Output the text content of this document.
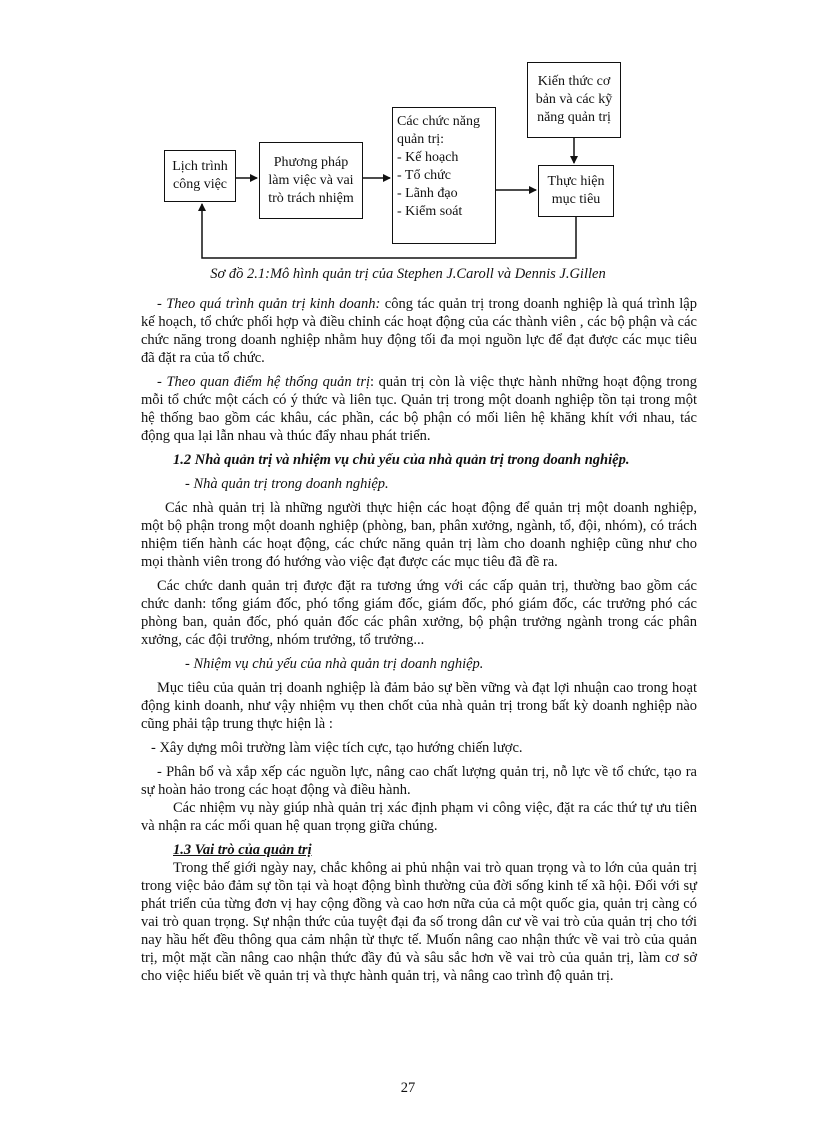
Lịch trình
công việc
Phương pháp
làm việc và vai
trò trách nhiệm
Các chức năng
quản trị:
- Kế hoạch
- Tổ chức
- Lãnh đạo
- Kiểm soát
Kiến thức cơ
bản và các kỹ
năng quản trị
Thực hiện
mục tiêu
Sơ đồ 2.1:Mô hình quản trị của Stephen J.Caroll và Dennis J.Gillen

- Theo quá trình quản trị kinh doanh: công tác quản trị trong doanh nghiệp là quá trình lập kế hoạch, tổ chức phối hợp và điều chỉnh các hoạt động của các thành viên , các bộ phận và các chức năng trong doanh nghiệp nhằm huy động tối đa mọi nguồn lực để đạt được các mục tiêu đã đặt ra của tổ chức.

- Theo quan điểm hệ thống quản trị: quản trị còn là việc thực hành những hoạt động trong mỗi tổ chức một cách có ý thức và liên tục. Quản trị trong một doanh nghiệp tồn tại trong một hệ thống bao gồm các khâu, các phần, các bộ phận có mối liên hệ khăng khít với nhau, tác động qua lại lẫn nhau và thúc đẩy nhau phát triển.

1.2 Nhà quản trị và nhiệm vụ chủ yếu của nhà quản trị trong doanh nghiệp.

- Nhà quản trị trong doanh nghiệp.

Các nhà quản trị là những người thực hiện các hoạt động để quản trị một doanh nghiệp, một bộ phận trong một doanh nghiệp (phòng, ban, phân xưởng, ngành, tổ, đội, nhóm), có trách nhiệm tiến hành các hoạt động, các chức năng quản trị làm cho doanh nghiệp cũng như cho mọi thành viên trong đó hướng vào việc đạt được các mục tiêu đã đề ra.

Các chức danh quản trị được đặt ra tương ứng với các cấp quản trị, thường bao gồm các chức danh: tổng giám đốc, phó tổng giám đốc, giám đốc, phó giám đốc, các trưởng phó các phòng ban, quản đốc, phó quản đốc các phân xưởng, bộ phận trưởng ngành trong các phân xưởng, các đội trưởng, nhóm trưởng, tổ trưởng...

- Nhiệm vụ chủ yếu của nhà quản trị doanh nghiệp.

Mục tiêu của quản trị doanh nghiệp là đảm bảo sự bền vững và đạt lợi nhuận cao trong hoạt động kinh doanh, như vậy nhiệm vụ then chốt của nhà quản trị trong bất kỳ doanh nghiệp nào cũng phải tập trung thực hiện là :

- Xây dựng môi trường làm việc tích cực, tạo hướng chiến lược.

- Phân bổ và xắp xếp các nguồn lực, nâng cao chất lượng quản trị, nỗ lực về tổ chức, tạo ra sự hoàn hảo trong các hoạt động và điều hành.

Các nhiệm vụ này giúp nhà quản trị xác định phạm vi công việc, đặt ra các thứ tự ưu tiên và nhận ra các mối quan hệ quan trọng giữa chúng.

1.3 Vai trò của quản trị

Trong thế giới ngày nay, chắc không ai phủ nhận vai trò quan trọng và to lớn của quản trị trong việc bảo đảm sự tồn tại và hoạt động bình thường của đời sống kinh tế xã hội. Đối với sự phát triển của từng đơn vị hay cộng đồng và cao hơn nữa của cả một quốc gia, quản trị càng có vai trò quan trọng. Sự nhận thức của tuyệt đại đa số trong dân cư về vai trò của quản trị cho tới nay hầu hết đều thông qua cảm nhận từ thực tế. Muốn nâng cao nhận thức về vai trò của quản trị, một mặt cần nâng cao nhận thức đầy đủ và sâu sắc hơn về vai trò của quản trị, làm cơ sở cho việc hiểu biết về quản trị và thực hành quản trị, và nâng cao trình độ quản trị.

27
